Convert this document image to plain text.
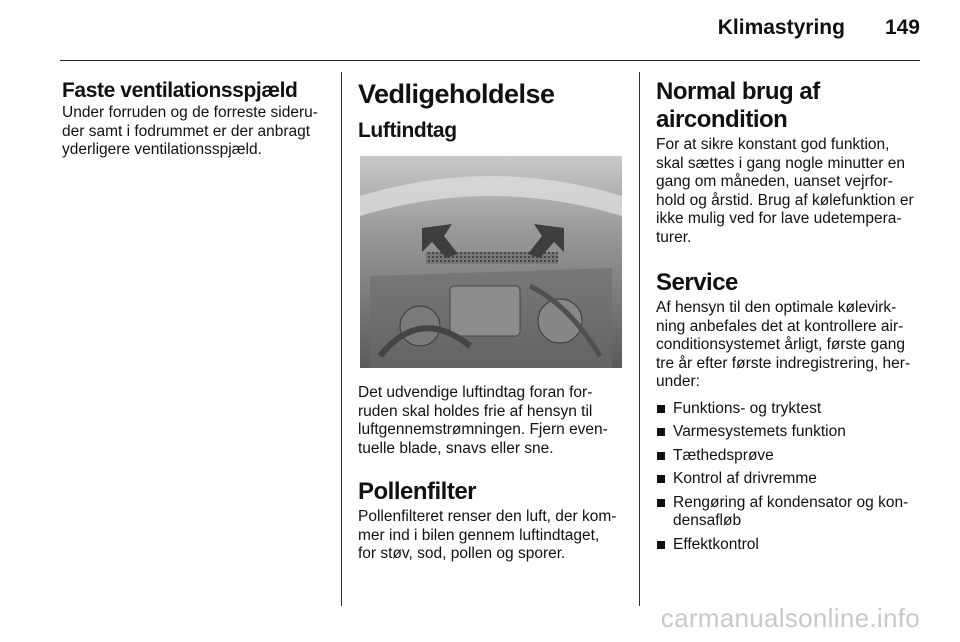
Klimastyring 149
Faste ventilationsspjæld

Under forruden og de forreste sideru-

der samt i fodrummet er der anbragt

yderligere ventilationsspjæld.

Vedligeholdelse
Luftindtag

Det udvendige luftindtag foran for-

ruden skal holdes frie af hensyn til

luftgennemstrømningen. Fjern even-

tuelle blade, snavs eller sne.

Pollenfilter

Pollenfilteret renser den luft, der kom-

mer ind i bilen gennem luftindtaget,

for støv, sod, pollen og sporer.

Normal brug af aircondition

For at sikre konstant god funktion,

skal sættes i gang nogle minutter en

gang om måneden, uanset vejrfor-

hold og årstid. Brug af kølefunktion er

ikke mulig ved for lave udetempera-

turer.

Service

Af hensyn til den optimale kølevirk-

ning anbefales det at kontrollere air-

conditionsystemet årligt, første gang

tre år efter første indregistrering, her-

under:

Funktions- og tryktest
Varmesystemets funktion
Tæthedsprøve
Kontrol af drivremme
Rengøring af kondensator og kon-
densafløb
Effektkontrol
carmanualsonline.info
